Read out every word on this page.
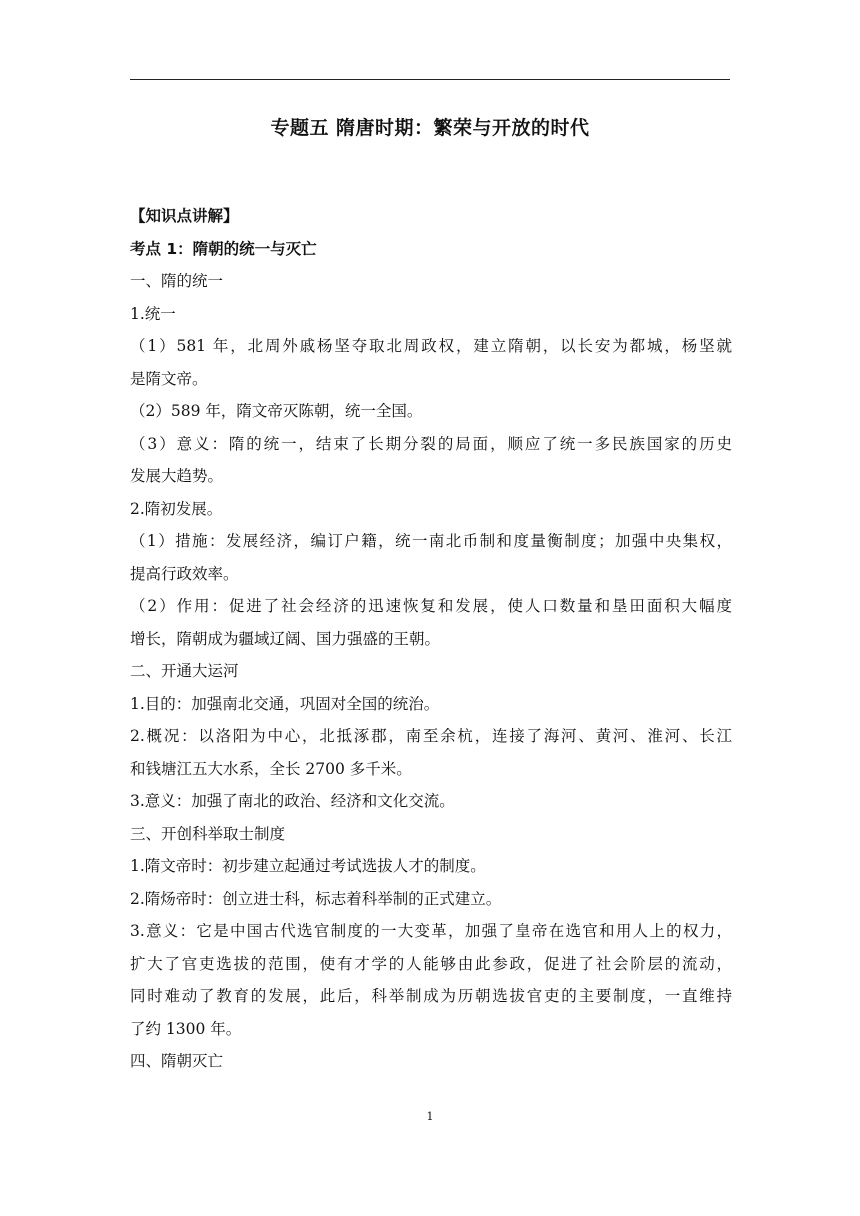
专题五 隋唐时期：繁荣与开放的时代
【知识点讲解】
考点 1：隋朝的统一与灭亡
一、隋的统一
1.统一
（1）581 年，北周外戚杨坚夺取北周政权，建立隋朝，以长安为都城，杨坚就
是隋文帝。
（2）589 年，隋文帝灭陈朝，统一全国。
（3）意义：隋的统一，结束了长期分裂的局面，顺应了统一多民族国家的历史
发展大趋势。
2.隋初发展。
（1）措施：发展经济，编订户籍，统一南北币制和度量衡制度；加强中央集权，
提高行政效率。
（2）作用：促进了社会经济的迅速恢复和发展，使人口数量和垦田面积大幅度
增长，隋朝成为疆域辽阔、国力强盛的王朝。
二、开通大运河
1.目的：加强南北交通，巩固对全国的统治。
2.概况：以洛阳为中心，北抵涿郡，南至余杭，连接了海河、黄河、淮河、长江
和钱塘江五大水系，全长 2700 多千米。
3.意义：加强了南北的政治、经济和文化交流。
三、开创科举取士制度
1.隋文帝时：初步建立起通过考试选拔人才的制度。
2.隋炀帝时：创立进士科，标志着科举制的正式建立。
3.意义：它是中国古代选官制度的一大变革，加强了皇帝在选官和用人上的权力，
扩大了官吏选拔的范围，使有才学的人能够由此参政，促进了社会阶层的流动，
同时难动了教育的发展，此后，科举制成为历朝选拔官吏的主要制度，一直维持
了约 1300 年。
四、隋朝灭亡
1
